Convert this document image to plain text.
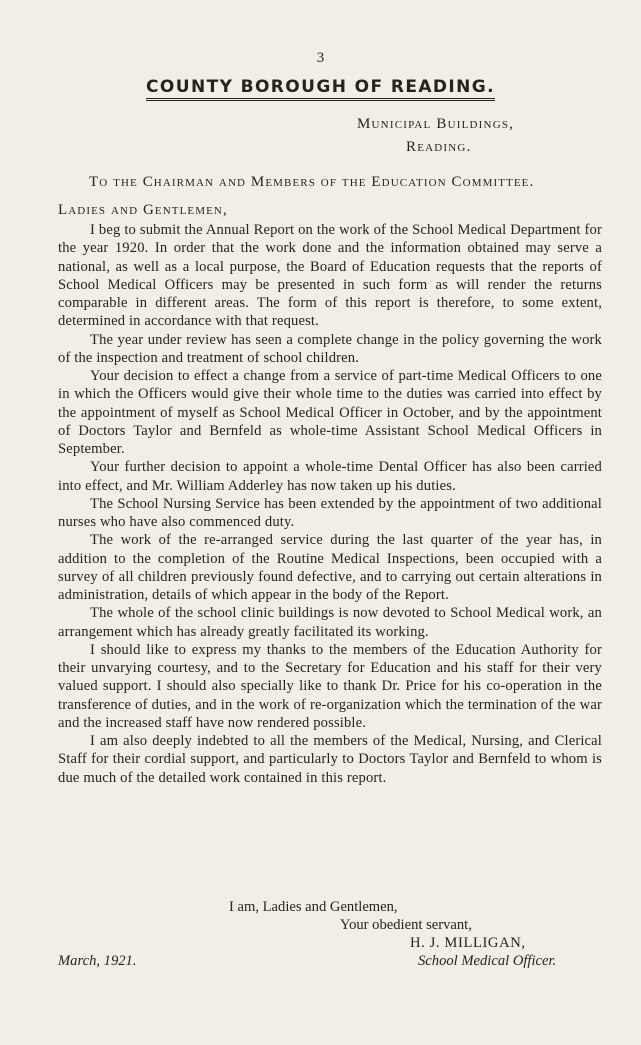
3
COUNTY BOROUGH OF READING.
Municipal Buildings,
Reading.
To the Chairman and Members of the Education Committee.
Ladies and Gentlemen,

I beg to submit the Annual Report on the work of the School Medical Department for the year 1920. In order that the work done and the information obtained may serve a national, as well as a local purpose, the Board of Education requests that the reports of School Medical Officers may be presented in such form as will render the returns comparable in different areas. The form of this report is therefore, to some extent, determined in accordance with that request.

The year under review has seen a complete change in the policy governing the work of the inspection and treatment of school children.

Your decision to effect a change from a service of part-time Medical Officers to one in which the Officers would give their whole time to the duties was carried into effect by the appointment of myself as School Medical Officer in October, and by the appointment of Doctors Taylor and Bernfeld as whole-time Assistant School Medical Officers in September.

Your further decision to appoint a whole-time Dental Officer has also been carried into effect, and Mr. William Adderley has now taken up his duties.

The School Nursing Service has been extended by the appointment of two additional nurses who have also commenced duty.

The work of the re-arranged service during the last quarter of the year has, in addition to the completion of the Routine Medical Inspections, been occupied with a survey of all children previously found defective, and to carrying out certain alterations in administration, details of which appear in the body of the Report.

The whole of the school clinic buildings is now devoted to School Medical work, an arrangement which has already greatly facilitated its working.

I should like to express my thanks to the members of the Education Authority for their unvarying courtesy, and to the Secretary for Education and his staff for their very valued support. I should also specially like to thank Dr. Price for his co-operation in the transference of duties, and in the work of re-organization which the termination of the war and the increased staff have now rendered possible.

I am also deeply indebted to all the members of the Medical, Nursing, and Clerical Staff for their cordial support, and particularly to Doctors Taylor and Bernfeld to whom is due much of the detailed work contained in this report.

I am, Ladies and Gentlemen,
Your obedient servant,
H. J. MILLIGAN,
March, 1921.	School Medical Officer.
